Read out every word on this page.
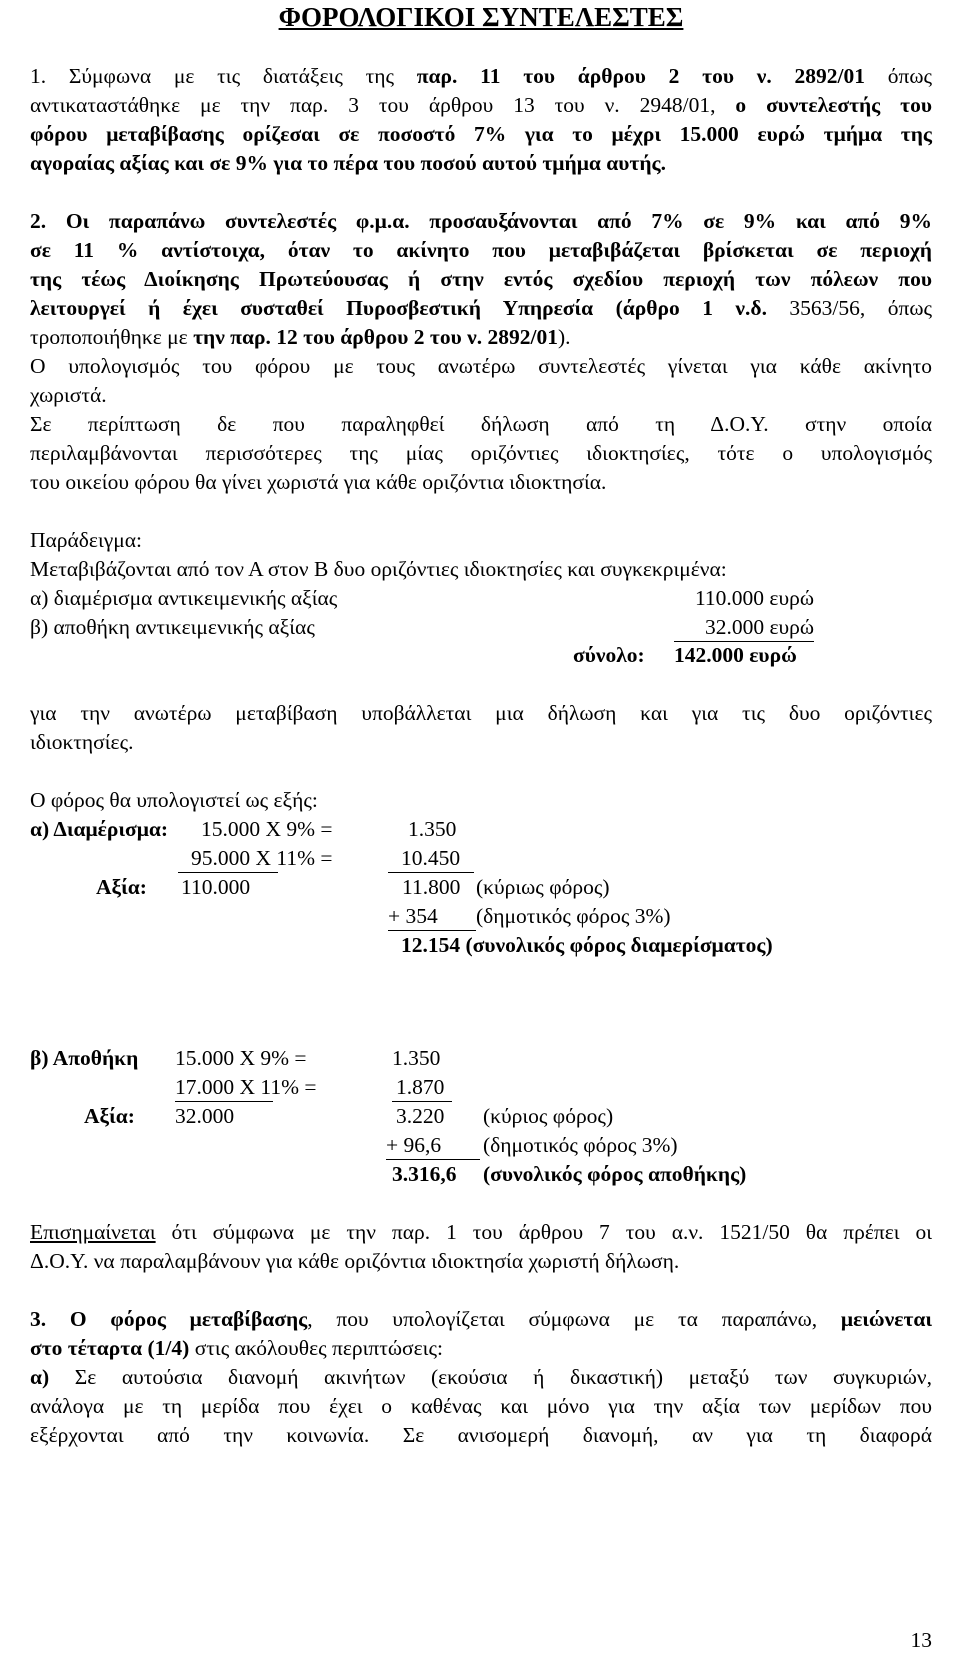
ΦΟΡΟΛΟΓΙΚΟΙ ΣΥΝΤΕΛΕΣΤΕΣ
1. Σύμφωνα με τις διατάξεις της παρ. 11 του άρθρου 2 του ν. 2892/01 όπως
αντικαταστάθηκε με την παρ. 3 του άρθρου 13 του ν. 2948/01, ο συντελεστής του
φόρου μεταβίβασης ορίζεσαι σε ποσοστό 7% για το μέχρι 15.000 ευρώ τμήμα της
αγοραίας αξίας και σε 9% για το πέρα του ποσού αυτού τμήμα αυτής.
2. Οι παραπάνω συντελεστές φ.μ.α. προσαυξάνονται από 7% σε 9% και από 9%
σε 11 % αντίστοιχα, όταν το ακίνητο που μεταβιβάζεται βρίσκεται σε περιοχή
της τέως Διοίκησης Πρωτεύουσας ή στην εντός σχεδίου περιοχή των πόλεων που
λειτουργεί ή έχει συσταθεί Πυροσβεστική Υπηρεσία (άρθρο 1 ν.δ. 3563/56, όπως
τροποποιήθηκε με την παρ. 12 του άρθρου 2 του ν. 2892/01).
Ο υπολογισμός του φόρου με τους ανωτέρω συντελεστές γίνεται για κάθε ακίνητο
χωριστά.
Σε περίπτωση δε που παραληφθεί δήλωση από τη Δ.Ο.Υ. στην οποία
περιλαμβάνονται περισσότερες της μίας οριζόντιες ιδιοκτησίες, τότε ο υπολογισμός
του οικείου φόρου θα γίνει χωριστά για κάθε οριζόντια ιδιοκτησία.
Παράδειγμα:
Μεταβιβάζονται από τον Α στον Β δυο οριζόντιες ιδιοκτησίες και συγκεκριμένα:
α) διαμέρισμα αντικειμενικής αξίας	110.000 ευρώ
β) αποθήκη αντικειμενικής αξίας	32.000 ευρώ
σύνολο: 142.000 ευρώ
για την ανωτέρω μεταβίβαση υποβάλλεται μια δήλωση και για τις δυο οριζόντιες
ιδιοκτησίες.
Ο φόρος θα υπολογιστεί ως εξής:
α) Διαμέρισμα: 15.000 Χ 9% =	1.350
95.000 Χ 11% =	10.450
Αξία: 110.000	11.800 (κύριως φόρος)
+ 354 (δημοτικός φόρος 3%)
12.154 (συνολικός φόρος διαμερίσματος)
β) Αποθήκη 15.000 Χ 9% =	1.350
17.000 Χ 11% =	1.870
Αξία: 32.000	3.220 (κύριος φόρος)
+ 96,6 (δημοτικός φόρος 3%)
3.316,6 (συνολικός φόρος αποθήκης)
Επισημαίνεται ότι σύμφωνα με την παρ. 1 του άρθρου 7 του α.ν. 1521/50 θα πρέπει οι
Δ.Ο.Υ. να παραλαμβάνουν για κάθε οριζόντια ιδιοκτησία χωριστή δήλωση.
3. Ο φόρος μεταβίβασης, που υπολογίζεται σύμφωνα με τα παραπάνω, μειώνεται
στο τέταρτα (1/4) στις ακόλουθες περιπτώσεις:
α) Σε αυτούσια διανομή ακινήτων (εκούσια ή δικαστική) μεταξύ των συγκυριών,
ανάλογα με τη μερίδα που έχει ο καθένας και μόνο για την αξία των μερίδων που
εξέρχονται από την κοινωνία. Σε ανισομερή διανομή, αν για τη διαφορά
13
